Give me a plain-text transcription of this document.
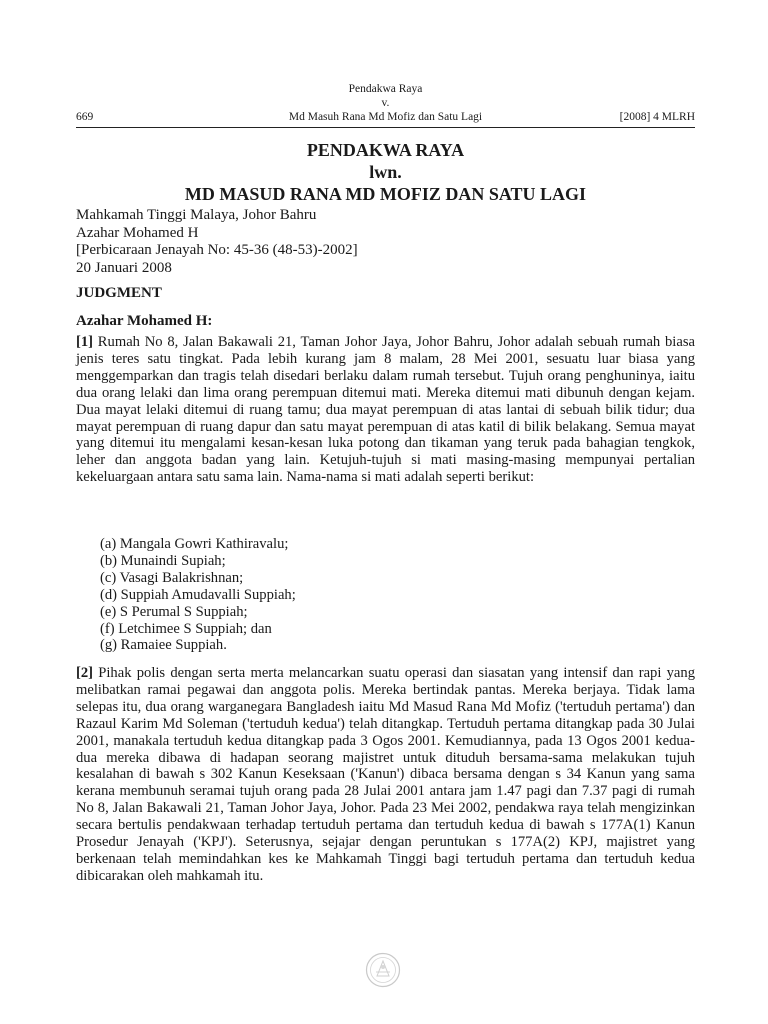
Pendakwa Raya
v.
669	Md Masuh Rana Md Mofiz dan Satu Lagi	[2008] 4 MLRH
PENDAKWA RAYA
lwn.
MD MASUD RANA MD MOFIZ DAN SATU LAGI
Mahkamah Tinggi Malaya, Johor Bahru
Azahar Mohamed H
[Perbicaraan Jenayah No: 45-36 (48-53)-2002]
20 Januari 2008
JUDGMENT
Azahar Mohamed H:

[1] Rumah No 8, Jalan Bakawali 21, Taman Johor Jaya, Johor Bahru, Johor adalah sebuah rumah biasa jenis teres satu tingkat. Pada lebih kurang jam 8 malam, 28 Mei 2001, sesuatu luar biasa yang menggemparkan dan tragis telah disedari berlaku dalam rumah tersebut. Tujuh orang penghuninya, iaitu dua orang lelaki dan lima orang perempuan ditemui mati. Mereka ditemui mati dibunuh dengan kejam. Dua mayat lelaki ditemui di ruang tamu; dua mayat perempuan di atas lantai di sebuah bilik tidur; dua mayat perempuan di ruang dapur dan satu mayat perempuan di atas katil di bilik belakang. Semua mayat yang ditemui itu mengalami kesan-kesan luka potong dan tikaman yang teruk pada bahagian tengkok, leher dan anggota badan yang lain. Ketujuh-tujuh si mati masing-masing mempunyai pertalian kekeluargaan antara satu sama lain. Nama-nama si mati adalah seperti berikut:

(a) Mangala Gowri Kathiravalu;
(b) Munaindi Supiah;
(c) Vasagi Balakrishnan;
(d) Suppiah Amudavalli Suppiah;
(e) S Perumal S Suppiah;
(f) Letchimee S Suppiah; dan
(g) Ramaiee Suppiah.

[2] Pihak polis dengan serta merta melancarkan suatu operasi dan siasatan yang intensif dan rapi yang melibatkan ramai pegawai dan anggota polis. Mereka bertindak pantas. Mereka berjaya. Tidak lama selepas itu, dua orang warganegara Bangladesh iaitu Md Masud Rana Md Mofiz ('tertuduh pertama') dan Razaul Karim Md Soleman ('tertuduh kedua') telah ditangkap. Tertuduh pertama ditangkap pada 30 Julai 2001, manakala tertuduh kedua ditangkap pada 3 Ogos 2001. Kemudiannya, pada 13 Ogos 2001 kedua-dua mereka dibawa di hadapan seorang majistret untuk dituduh bersama-sama melakukan tujuh kesalahan di bawah s 302 Kanun Keseksaan ('Kanun') dibaca bersama dengan s 34 Kanun yang sama kerana membunuh seramai tujuh orang pada 28 Julai 2001 antara jam 1.47 pagi dan 7.37 pagi di rumah No 8, Jalan Bakawali 21, Taman Johor Jaya, Johor. Pada 23 Mei 2002, pendakwa raya telah mengizinkan secara bertulis pendakwaan terhadap tertuduh pertama dan tertuduh kedua di bawah s 177A(1) Kanun Prosedur Jenayah ('KPJ'). Seterusnya, sejajar dengan peruntukan s 177A(2) KPJ, majistret yang berkenaan telah memindahkan kes ke Mahkamah Tinggi bagi tertuduh pertama dan tertuduh kedua dibicarakan oleh mahkamah itu.
